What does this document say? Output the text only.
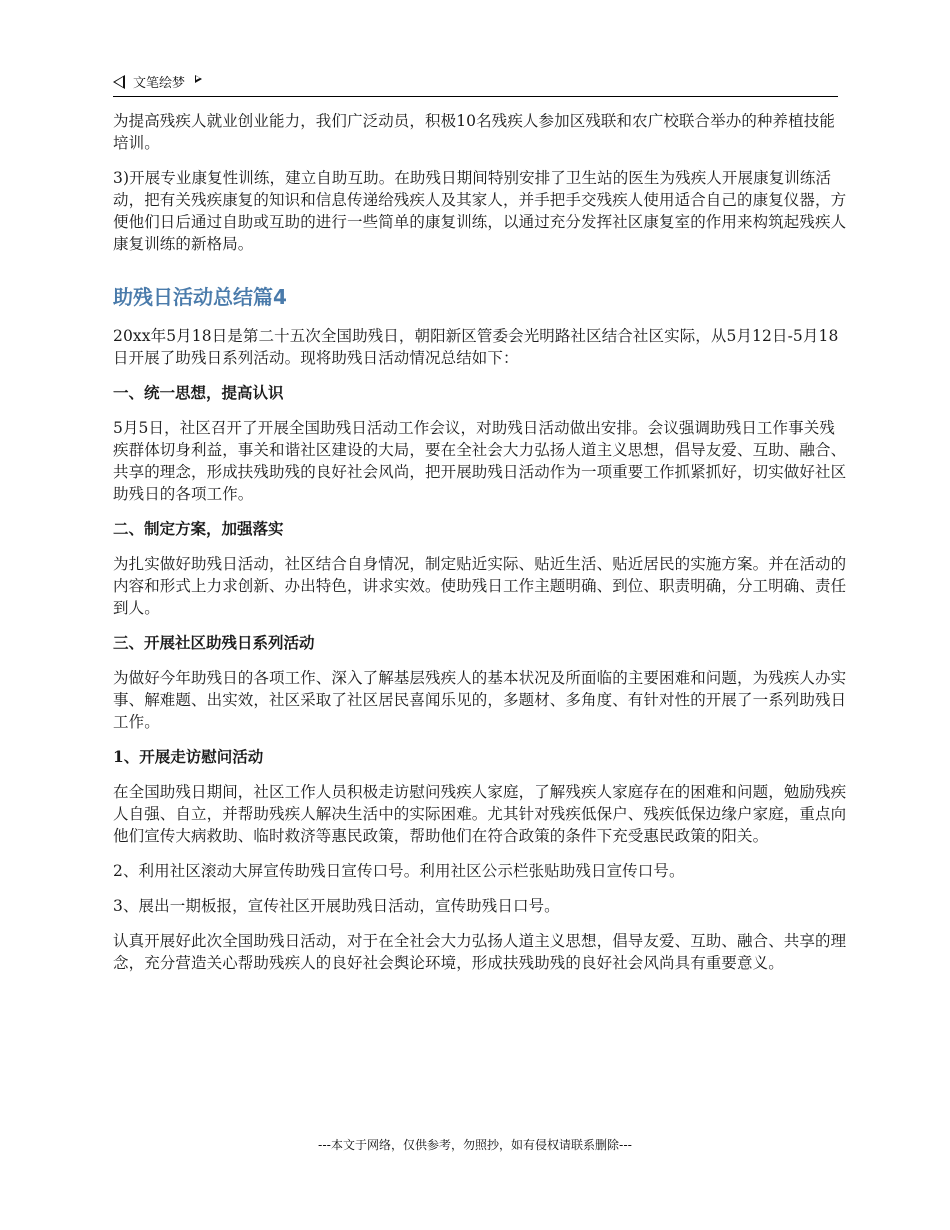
文笔绘梦

为提高残疾人就业创业能力，我们广泛动员，积极10名残疾人参加区残联和农广校联合举办的种养植技能培训。

3)开展专业康复性训练，建立自助互助。在助残日期间特别安排了卫生站的医生为残疾人开展康复训练活动，把有关残疾康复的知识和信息传递给残疾人及其家人，并手把手交残疾人使用适合自己的康复仪器，方便他们日后通过自助或互助的进行一些简单的康复训练，以通过充分发挥社区康复室的作用来构筑起残疾人康复训练的新格局。

助残日活动总结篇4

20xx年5月18日是第二十五次全国助残日，朝阳新区管委会光明路社区结合社区实际，从5月12日-5月18日开展了助残日系列活动。现将助残日活动情况总结如下：

一、统一思想，提高认识

5月5日，社区召开了开展全国助残日活动工作会议，对助残日活动做出安排。会议强调助残日工作事关残疾群体切身利益，事关和谐社区建设的大局，要在全社会大力弘扬人道主义思想，倡导友爱、互助、融合、共享的理念，形成扶残助残的良好社会风尚，把开展助残日活动作为一项重要工作抓紧抓好，切实做好社区助残日的各项工作。

二、制定方案，加强落实

为扎实做好助残日活动，社区结合自身情况，制定贴近实际、贴近生活、贴近居民的实施方案。并在活动的内容和形式上力求创新、办出特色，讲求实效。使助残日工作主题明确、到位、职责明确，分工明确、责任到人。

三、开展社区助残日系列活动

为做好今年助残日的各项工作、深入了解基层残疾人的基本状况及所面临的主要困难和问题，为残疾人办实事、解难题、出实效，社区采取了社区居民喜闻乐见的，多题材、多角度、有针对性的开展了一系列助残日工作。

1、开展走访慰问活动

在全国助残日期间，社区工作人员积极走访慰问残疾人家庭，了解残疾人家庭存在的困难和问题，勉励残疾人自强、自立，并帮助残疾人解决生活中的实际困难。尤其针对残疾低保户、残疾低保边缘户家庭，重点向他们宣传大病救助、临时救济等惠民政策，帮助他们在符合政策的条件下充受惠民政策的阳关。

2、利用社区滚动大屏宣传助残日宣传口号。利用社区公示栏张贴助残日宣传口号。

3、展出一期板报，宣传社区开展助残日活动，宣传助残日口号。

认真开展好此次全国助残日活动，对于在全社会大力弘扬人道主义思想，倡导友爱、互助、融合、共享的理念，充分营造关心帮助残疾人的良好社会舆论环境，形成扶残助残的良好社会风尚具有重要意义。

---本文于网络，仅供参考，勿照抄，如有侵权请联系删除---
